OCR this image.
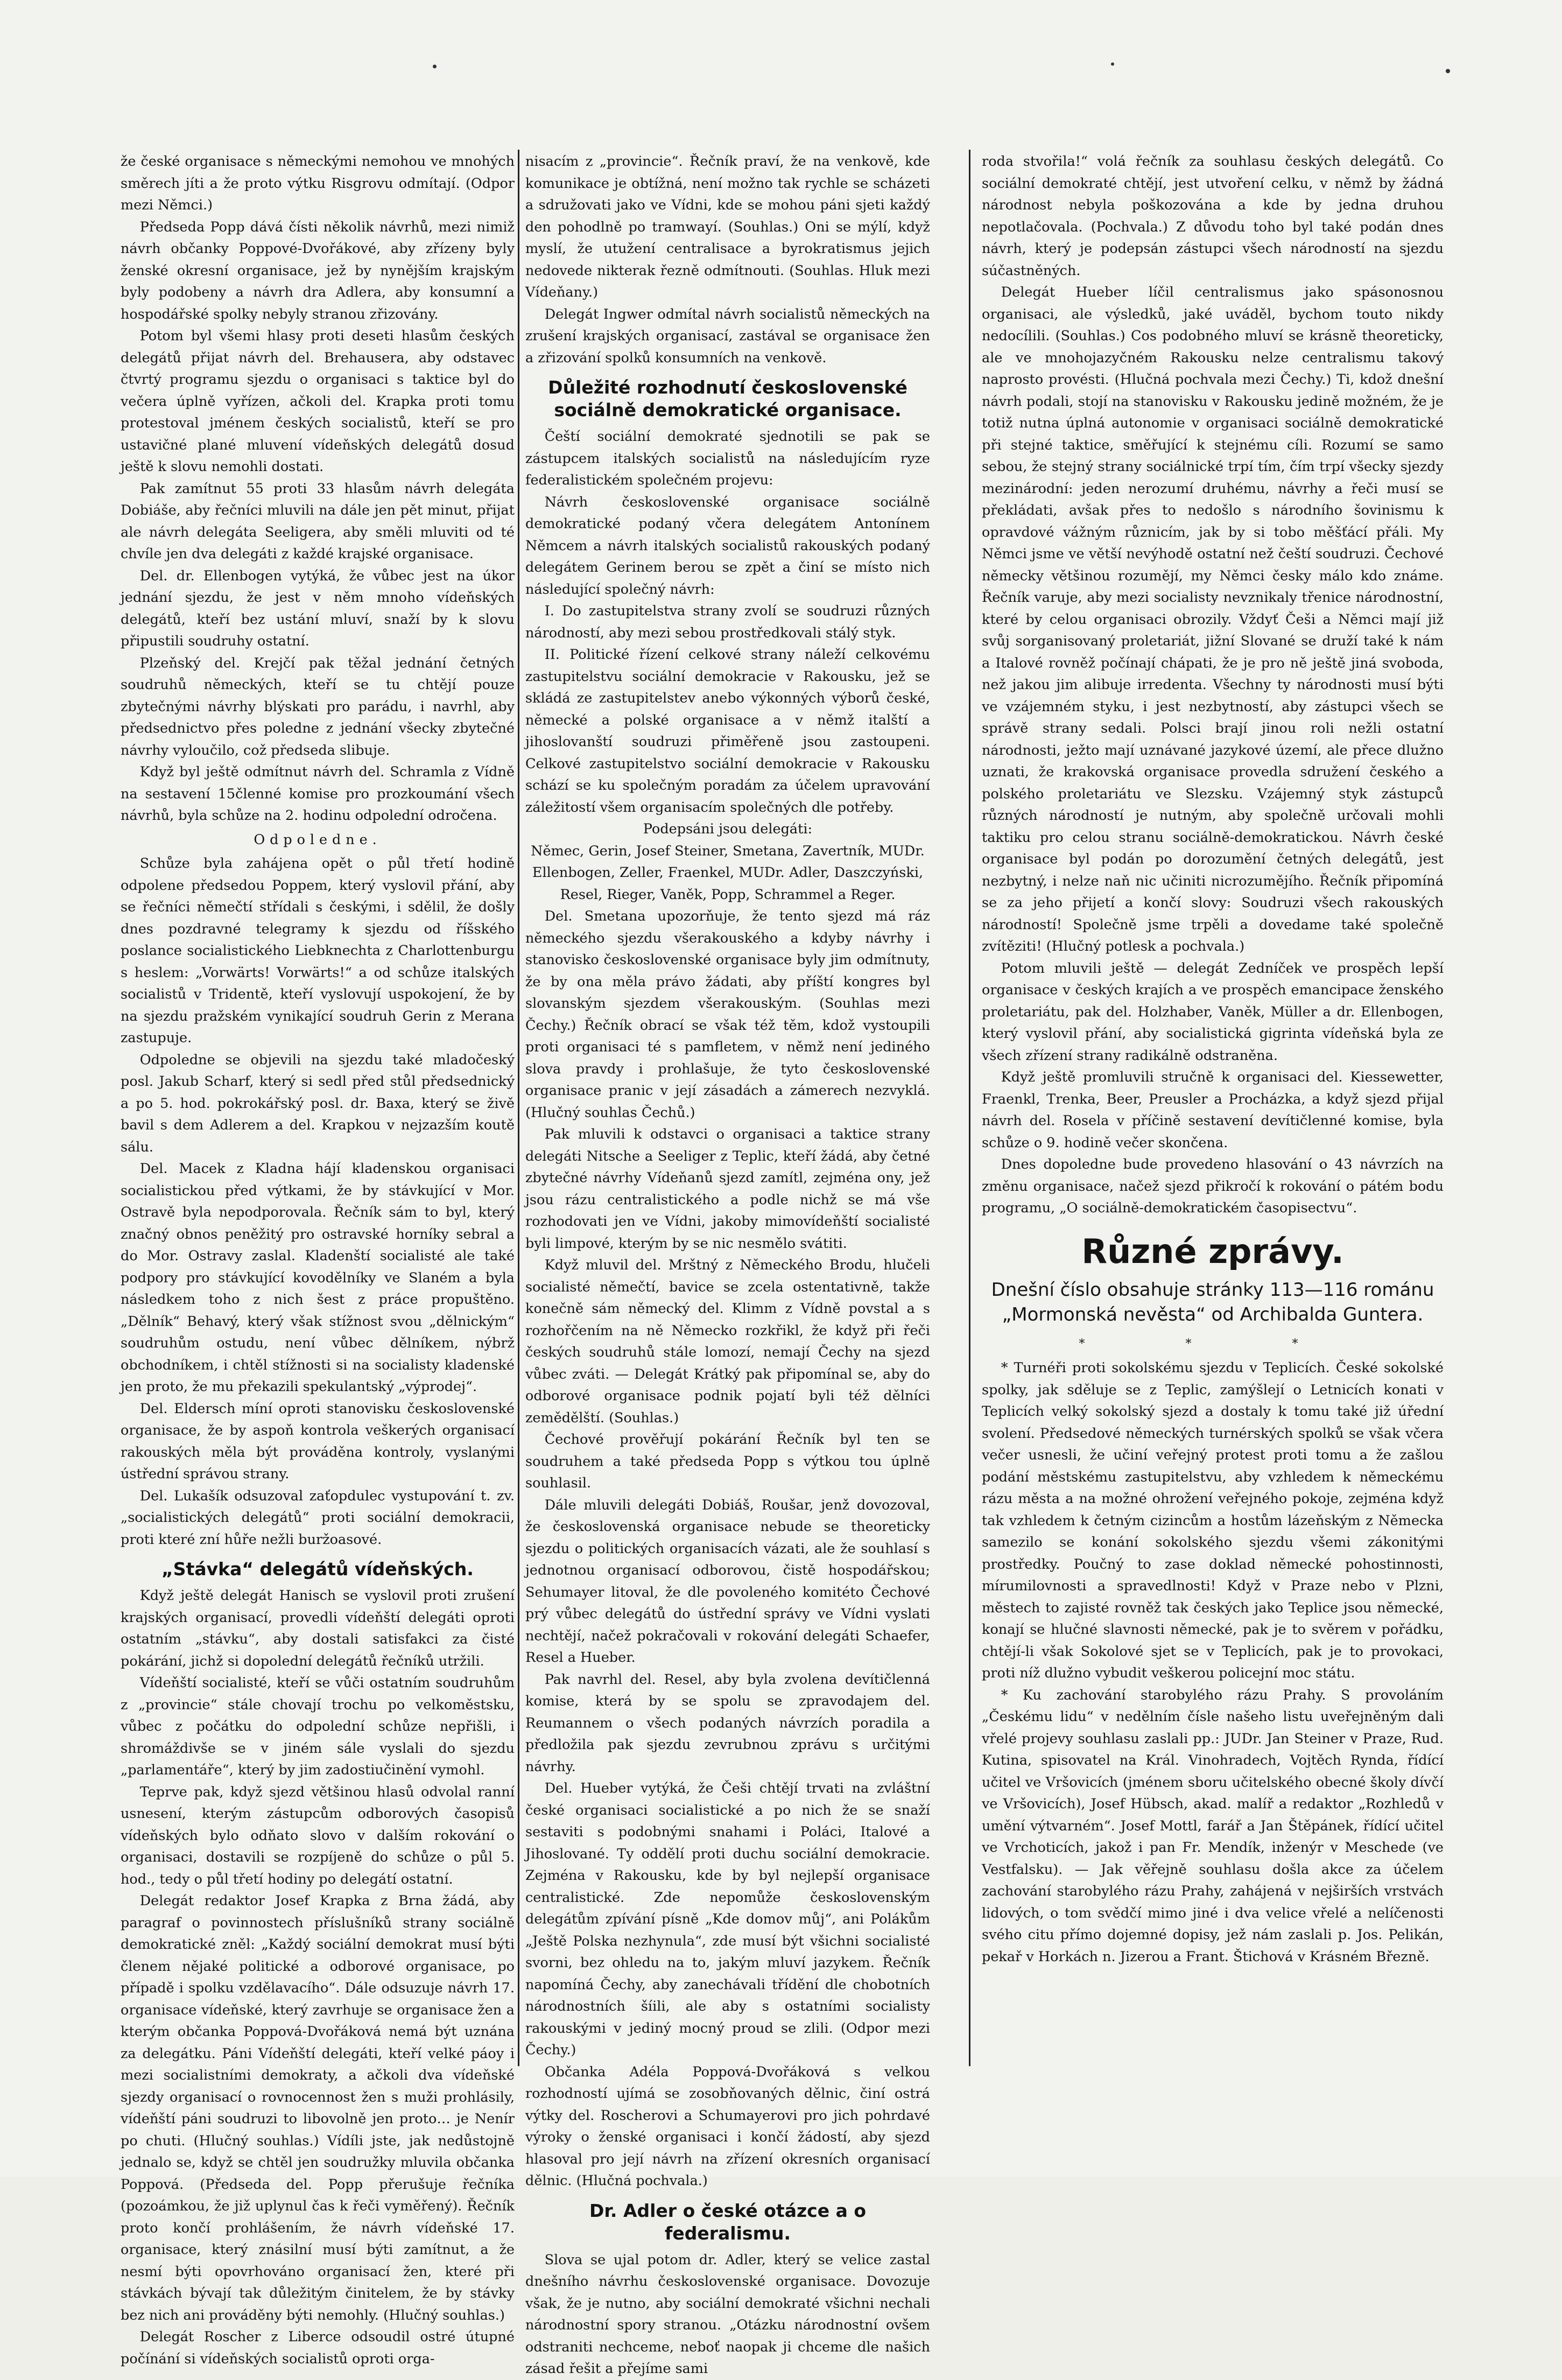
že české organisace s německými nemohou ve mnohých směrech jíti a že proto výtku Risgrovu odmítají. (Odpor mezi Němci.)

Předseda Popp dává čísti několik návrhů, mezi nimiž návrh občanky Poppové-Dvořákové, aby zřízeny byly ženské okresní organisace, jež by nynějším krajským byly podobeny a návrh dra Adlera, aby konsumní a hospodářské spolky nebyly stranou zřizovány.

Potom byl všemi hlasy proti deseti hlasům českých delegátů přijat návrh del. Brehausera, aby odstavec čtvrtý programu sjezdu o organisaci s taktice byl do večera úplně vyřízen, ačkoli del. Krapka proti tomu protestoval jménem českých socialistů, kteří se pro ustavičné plané mluvení vídeňských delegátů dosud ještě k slovu nemohli dostati.

Pak zamítnut 55 proti 33 hlasům návrh delegáta Dobiáše, aby řečníci mluvili na dále jen pět minut, přijat ale návrh delegáta Seeligera, aby směli mluviti od té chvíle jen dva delegáti z každé krajské organisace.

Del. dr. Ellenbogen vytýká, že vůbec jest na úkor jednání sjezdu, že jest v něm mnoho vídeňských delegátů, kteří bez ustání mluví, snaží by k slovu připustili soudruhy ostatní.

Plzeňský del. Krejčí pak těžal jednání četných soudruhů německých, kteří se tu chtějí pouze zbytečnými návrhy blýskati pro parádu, i navrhl, aby předsednictvo přes poledne z jednání všecky zbytečné návrhy vyloučilo, což předseda slibuje.

Když byl ještě odmítnut návrh del. Schramla z Vídně na sestavení 15členné komise pro prozkoumání všech návrhů, byla schůze na 2. hodinu odpolední odročena.

Odpoledne.

Schůze byla zahájena opět o půl třetí hodině odpolene předsedou Poppem, který vyslovil přání, aby se řečníci němečtí střídali s českými, i sdělil, že došly dnes pozdravné telegramy k sjezdu od říšského poslance socialistického Liebknechta z Charlottenburgu s heslem: „Vorwärts! Vorwärts!“ a od schůze italských socialistů v Tridentě, kteří vyslovují uspokojení, že by na sjezdu pražském vynikající soudruh Gerin z Merana zastupuje.

Odpoledne se objevili na sjezdu také mladočeský posl. Jakub Scharf, který si sedl před stůl předsednický a po 5. hod. pokrokářský posl. dr. Baxa, který se živě bavil s dem Adlerem a del. Krapkou v nejzazším koutě sálu.

Del. Macek z Kladna hájí kladenskou organisaci socialistickou před výtkami, že by stávkující v Mor. Ostravě byla nepodporovala. Řečník sám to byl, který značný obnos peněžitý pro ostravské horníky sebral a do Mor. Ostravy zaslal. Kladenští socialisté ale také podpory pro stávkující kovodělníky ve Slaném a byla následkem toho z nich šest z práce propuštěno. „Dělník“ Behavý, který však stížnost svou „dělnickým“ soudruhům ostudu, není vůbec dělníkem, nýbrž obchodníkem, i chtěl stížnosti si na socialisty kladenské jen proto, že mu překazili spekulantský „výprodej“.

Del. Eldersch míní oproti stanovisku československé organisace, že by aspoň kontrola veškerých organisací rakouských měla být prováděna kontroly, vyslanými ústřední správou strany.

Del. Lukašík odsuzoval zaťopdulec vystupování t. zv. „socialistických delegátů“ proti sociální demokracii, proti které zní hůře nežli buržoasové.

„Stávka“ delegátů vídeňských.

Když ještě delegát Hanisch se vyslovil proti zrušení krajských organisací, provedli vídeňští delegáti oproti ostatním „stávku“, aby dostali satisfakci za čisté pokárání, jichž si dopolední delegátů řečníků utržili.

Vídeňští socialisté, kteří se vůči ostatním soudruhům z „provincie“ stále chovají trochu po velkoměstsku, vůbec z počátku do odpolední schůze nepřišli, i shromáždivše se v jiném sále vyslali do sjezdu „parlamentáře“, který by jim zadostiučinění vymohl.

Teprve pak, když sjezd většinou hlasů odvolal ranní usnesení, kterým zástupcům odborových časopisů vídeňských bylo odňato slovo v dalším rokování o organisaci, dostavili se rozpíjeně do schůze o půl 5. hod., tedy o půl třetí hodiny po delegátí ostatní.

Delegát redaktor Josef Krapka z Brna žádá, aby paragraf o povinnostech příslušníků strany sociálně demokratické zněl: „Každý sociální demokrat musí býti členem nějaké politické a odborové organisace, po případě i spolku vzdělavacího“. Dále odsuzuje návrh 17. organisace vídeňské, který zavrhuje se organisace žen a kterým občanka Poppová-Dvořáková nemá být uznána za delegátku. Páni Vídeňští delegáti, kteří velké páoy i mezi socialistními demokraty, a ačkoli dva vídeňské sjezdy organisací o rovnocennost žen s muži prohlásily, vídeňští páni soudruzi to libovolně jen proto… je Nenír po chuti. (Hlučný souhlas.) Vídíli jste, jak nedůstojně jednalo se, když se chtěl jen soudružky mluvila občanka Poppová. (Předseda del. Popp přerušuje řečníka (pozoámkou, že již uplynul čas k řeči vyměřený). Řečník proto končí prohlášením, že návrh vídeňské 17. organisace, který znásilní musí býti zamítnut, a že nesmí býti opovrhováno organisací žen, které při stávkách bývají tak důležitým činitelem, že by stávky bez nich ani prováděny býti nemohly. (Hlučný souhlas.)

Delegát Roscher z Liberce odsoudil ostré útupné počínání si vídeňských socialistů oproti orga-

nisacím z „provincie“. Řečník praví, že na venkově, kde komunikace je obtížná, není možno tak rychle se scházeti a sdružovati jako ve Vídni, kde se mohou páni sjeti každý den pohodlně po tramwayí. (Souhlas.) Oni se mýlí, když myslí, že utužení centralisace a byrokratismus jejich nedovede nikterak řezně odmítnouti. (Souhlas. Hluk mezi Vídeňany.)

Delegát Ingwer odmítal návrh socialistů německých na zrušení krajských organisací, zastával se organisace žen a zřizování spolků konsumních na venkově.

Důležité rozhodnutí československé sociálně demokratické organisace.

Čeští sociální demokraté sjednotili se pak se zástupcem italských socialistů na následujícím ryze federalistickém společném projevu:

Návrh československé organisace sociálně demokratické podaný včera delegátem Antonínem Němcem a návrh italských socialistů rakouských podaný delegátem Gerinem berou se zpět a činí se místo nich následující společný návrh:

I. Do zastupitelstva strany zvolí se soudruzi různých národností, aby mezi sebou prostředkovali stálý styk.

II. Politické řízení celkové strany náleží celkovému zastupitelstvu sociální demokracie v Rakousku, jež se skládá ze zastupitelstev anebo výkonných výborů české, německé a polské organisace a v němž italští a jihoslovanští soudruzi přiměřeně jsou zastoupeni. Celkové zastupitelstvo sociální demokracie v Rakousku schází se ku společným poradám za účelem upravování záležitostí všem organisacím společných dle potřeby.

Podepsáni jsou delegáti:

Němec, Gerin, Josef Steiner, Smetana, Zavertník, MUDr. Ellenbogen, Zeller, Fraenkel, MUDr. Adler, Daszczyński, Resel, Rieger, Vaněk, Popp, Schrammel a Reger.

Del. Smetana upozorňuje, že tento sjezd má ráz německého sjezdu všerakouského a kdyby návrhy i stanovisko československé organisace byly jim odmítnuty, že by ona měla právo žádati, aby příští kongres byl slovanským sjezdem všerakouským. (Souhlas mezi Čechy.) Řečník obrací se však též těm, kdož vystoupili proti organisaci té s pamfletem, v němž není jediného slova pravdy i prohlašuje, že tyto československé organisace pranic v její zásadách a zámerech nezvyklá. (Hlučný souhlas Čechů.)

Pak mluvili k odstavci o organisaci a taktice strany delegáti Nitsche a Seeliger z Teplic, kteří žádá, aby četné zbytečné návrhy Vídeňanů sjezd zamítl, zejména ony, jež jsou rázu centralistického a podle nichž se má vše rozhodovati jen ve Vídni, jakoby mimovídeňští socialisté byli limpové, kterým by se nic nesmělo svátiti.

Když mluvil del. Mrštný z Německého Brodu, hlučeli socialisté němečtí, bavice se zcela ostentativně, takže konečně sám německý del. Klimm z Vídně povstal a s rozhořčením na ně Německo rozkřikl, že když při řeči českých soudruhů stále lomozí, nemají Čechy na sjezd vůbec zváti. — Delegát Krátký pak připomínal se, aby do odborové organisace podnik pojatí byli též dělníci zemědělští. (Souhlas.)

Čechové prověřují pokárání Řečník byl ten se soudruhem a také předseda Popp s výtkou tou úplně souhlasil.

Dále mluvili delegáti Dobiáš, Roušar, jenž dovozoval, že československá organisace nebude se theoreticky sjezdu o politických organisacích vázati, ale že souhlasí s jednotnou organisací odborovou, čistě hospodářskou; Sehumayer litoval, že dle povoleného komitéto Čechové prý vůbec delegátů do ústřední správy ve Vídni vyslati nechtějí, načež pokračovali v rokování delegáti Schaefer, Resel a Hueber.

Pak navrhl del. Resel, aby byla zvolena devítičlenná komise, která by se spolu se zpravodajem del. Reumannem o všech podaných návrzích poradila a předložila pak sjezdu zevrubnou zprávu s určitými návrhy.

Del. Hueber vytýká, že Češi chtějí trvati na zvláštní české organisaci socialistické a po nich že se snaží sestaviti s podobnými snahami i Poláci, Italové a Jihoslované. Ty oddělí proti duchu sociální demokracie. Zejména v Rakousku, kde by byl nejlepší organisace centralistické. Zde nepomůže československým delegátům zpívání písně „Kde domov můj“, ani Polákům „Ještě Polska nezhynula“, zde musí být všichni socialisté svorni, bez ohledu na to, jakým mluví jazykem. Řečník napomíná Čechy, aby zanechávali třídění dle chobotních národnostních šíili, ale aby s ostatními socialisty rakouskými v jediný mocný proud se zlili. (Odpor mezi Čechy.)

Občanka Adéla Poppová-Dvořáková s velkou rozhodností ujímá se zosobňovaných dělnic, činí ostrá výtky del. Roscherovi a Schumayerovi pro jich pohrdavé výroky o ženské organisaci i končí žádostí, aby sjezd hlasoval pro její návrh na zřízení okresních organisací dělnic. (Hlučná pochvala.)

Dr. Adler o české otázce a o federalismu.

Slova se ujal potom dr. Adler, který se velice zastal dnešního návrhu československé organisace. Dovozuje však, že je nutno, aby sociální demokraté všichni nechali národnostní spory stranou. „Otázku národnostní ovšem odstraniti nechceme, neboť naopak ji chceme dle našich zásad řešit a přejíme sami

roda stvořila!“ volá řečník za souhlasu českých delegátů. Co sociální demokraté chtějí, jest utvoření celku, v němž by žádná národnost nebyla poškozována a kde by jedna druhou nepotlačovala. (Pochvala.) Z důvodu toho byl také podán dnes návrh, který je podepsán zástupci všech národností na sjezdu súčastněných.

Delegát Hueber líčil centralismus jako spásonosnou organisaci, ale výsledků, jaké uváděl, bychom touto nikdy nedocílili. (Souhlas.) Cos podobného mluví se krásně theoreticky, ale ve mnohojazyčném Rakousku nelze centralismu takový naprosto provésti. (Hlučná pochvala mezi Čechy.) Ti, kdož dnešní návrh podali, stojí na stanovisku v Rakousku jedině možném, že je totiž nutna úplná autonomie v organisaci sociálně demokratické při stejné taktice, směřující k stejnému cíli. Rozumí se samo sebou, že stejný strany sociálnické trpí tím, čím trpí všecky sjezdy mezinárodní: jeden nerozumí druhému, návrhy a řeči musí se překládati, avšak přes to nedošlo s národního šovinismu k opravdové vážným různicím, jak by si tobo měšťácí přáli. My Němci jsme ve větší nevýhodě ostatní než čeští soudruzi. Čechové německy většinou rozumějí, my Němci česky málo kdo známe. Řečník varuje, aby mezi socialisty nevznikaly třenice národnostní, které by celou organisaci obrozily. Vždyť Češi a Němci mají již svůj sorganisovaný proletariát, jižní Slované se druží také k nám a Italové rovněž počínají chápati, že je pro ně ještě jiná svoboda, než jakou jim alibuje irredenta. Všechny ty národnosti musí býti ve vzájemném styku, i jest nezbytností, aby zástupci všech se správě strany sedali. Polsci brají jinou roli nežli ostatní národnosti, ježto mají uznávané jazykové území, ale přece dlužno uznati, že krakovská organisace provedla sdružení českého a polského proletariátu ve Slezsku. Vzájemný styk zástupců různých národností je nutným, aby společně určovali mohli taktiku pro celou stranu sociálně-demokratickou. Návrh české organisace byl podán po dorozumění četných delegátů, jest nezbytný, i nelze naň nic učiniti nicrozumějího. Řečník připomíná se za jeho přijetí a končí slovy: Soudruzi všech rakouských národností! Společně jsme trpěli a dovedame také společně zvítěziti! (Hlučný potlesk a pochvala.)

Potom mluvili ještě — delegát Zedníček ve prospěch lepší organisace v českých krajích a ve prospěch emancipace ženského proletariátu, pak del. Holzhaber, Vaněk, Müller a dr. Ellenbogen, který vyslovil přání, aby socialistická gigrinta vídeňská byla ze všech zřízení strany radikálně odstraněna.

Když ještě promluvili stručně k organisaci del. Kiessewetter, Fraenkl, Trenka, Beer, Preusler a Procházka, a když sjezd přijal návrh del. Rosela v příčině sestavení devítičlenné komise, byla schůze o 9. hodině večer skončena.

Dnes dopoledne bude provedeno hlasování o 43 návrzích na změnu organisace, načež sjezd přikročí k rokování o pátém bodu programu, „O sociálně-demokratickém časopisectvu“.

Různé zprávy.
Dnešní číslo obsahuje stránky 113—116 románu „Mormonská nevěsta“ od Archibalda Guntera.
* * *

* Turnéři proti sokolskému sjezdu v Teplicích. České sokolské spolky, jak sděluje se z Teplic, zamýšlejí o Letnicích konati v Teplicích velký sokolský sjezd a dostaly k tomu také již úřední svolení. Předsedové německých turnérských spolků se však včera večer usnesli, že učiní veřejný protest proti tomu a že zašlou podání městskému zastupitelstvu, aby vzhledem k německému rázu města a na možné ohrožení veřejného pokoje, zejména když tak vzhledem k četným cizincům a hostům lázeňským z Německa samezilo se konání sokolského sjezdu všemi zákonitými prostředky. Poučný to zase doklad německé pohostinnosti, mírumilovnosti a spravedlnosti! Když v Praze nebo v Plzni, městech to zajisté rovněž tak českých jako Teplice jsou německé, konají se hlučné slavnosti německé, pak je to svěrem v pořádku, chtějí-li však Sokolové sjet se v Teplicích, pak je to provokaci, proti níž dlužno vybudit veškerou policejní moc státu.

* Ku zachování starobylého rázu Prahy. S provoláním „Českému lidu“ v nedělním čísle našeho listu uveřejněným dali vřelé projevy souhlasu zaslali pp.: JUDr. Jan Steiner v Praze, Rud. Kutina, spisovatel na Král. Vinohradech, Vojtěch Rynda, řídící učitel ve Vršovicích (jménem sboru učitelského obecné školy dívčí ve Vršovicích), Josef Hübsch, akad. malíř a redaktor „Rozhledů v umění výtvarném“. Josef Mottl, farář a Jan Štěpánek, řídící učitel ve Vrchoticích, jakož i pan Fr. Mendík, inženýr v Meschede (ve Vestfalsku). — Jak věřejně souhlasu došla akce za účelem zachování starobylého rázu Prahy, zahájená v nejširších vrstvách lidových, o tom svědčí mimo jiné i dva velice vřelé a nelíčenosti svého citu přímo dojemné dopisy, jež nám zaslali p. Jos. Pelikán, pekař v Horkách n. Jizerou a Frant. Štichová v Krásném Březně.
